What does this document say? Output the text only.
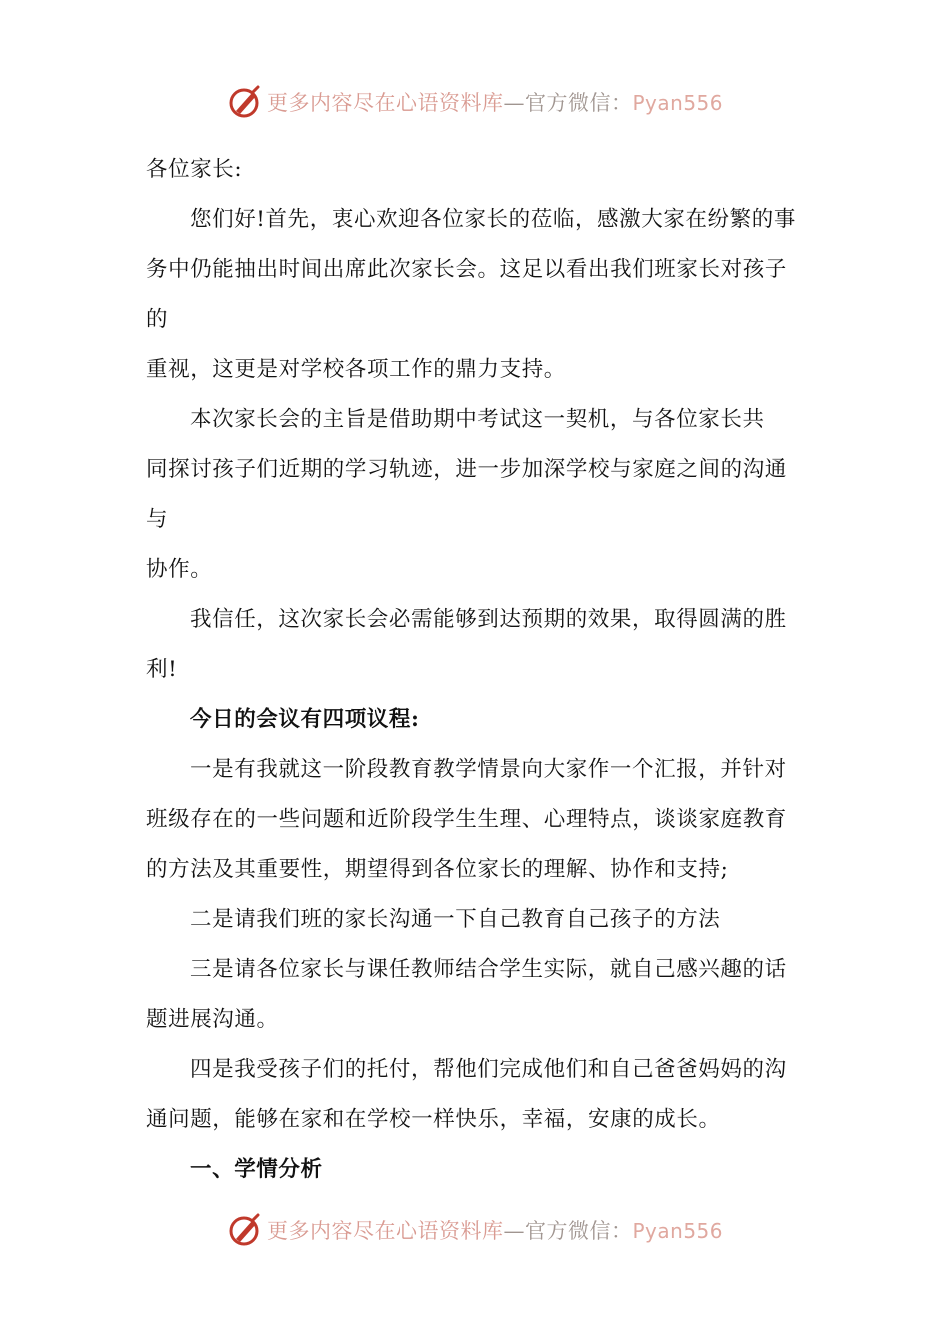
更多内容尽在心语资料库—官方微信：Pyan556
各位家长:
您们好!首先，衷心欢迎各位家长的莅临，感激大家在纷繁的事
务中仍能抽出时间出席此次家长会。这足以看出我们班家长对孩子
的
重视，这更是对学校各项工作的鼎力支持。
本次家长会的主旨是借助期中考试这一契机，与各位家长共
同探讨孩子们近期的学习轨迹，进一步加深学校与家庭之间的沟通
与
协作。
我信任，这次家长会必需能够到达预期的效果，取得圆满的胜
利!
今日的会议有四项议程:
一是有我就这一阶段教育教学情景向大家作一个汇报，并针对
班级存在的一些问题和近阶段学生生理、心理特点，谈谈家庭教育
的方法及其重要性，期望得到各位家长的理解、协作和支持;
二是请我们班的家长沟通一下自己教育自己孩子的方法
三是请各位家长与课任教师结合学生实际，就自己感兴趣的话
题进展沟通。
四是我受孩子们的托付，帮他们完成他们和自己爸爸妈妈的沟
通问题，能够在家和在学校一样快乐，幸福，安康的成长。
一、学情分析
更多内容尽在心语资料库—官方微信：Pyan556
